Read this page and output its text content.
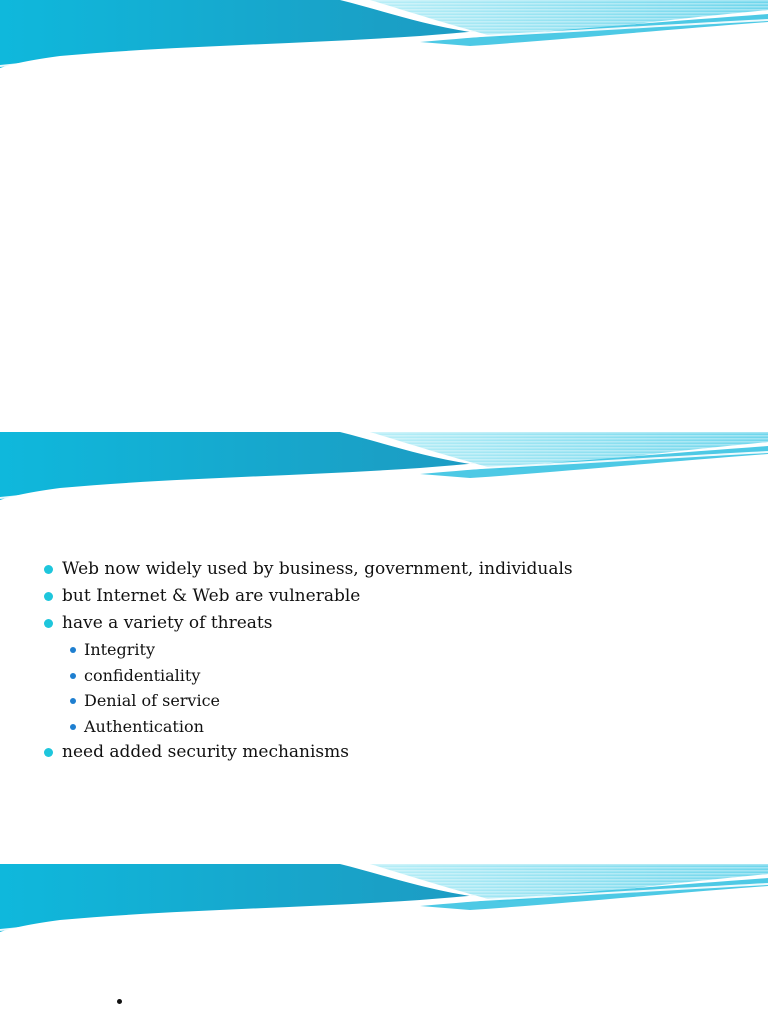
Web now widely used by business, government, individuals
but Internet & Web are vulnerable
have a variety of threats
Integrity
confidentiality
Denial of service
Authentication
need added security mechanisms
